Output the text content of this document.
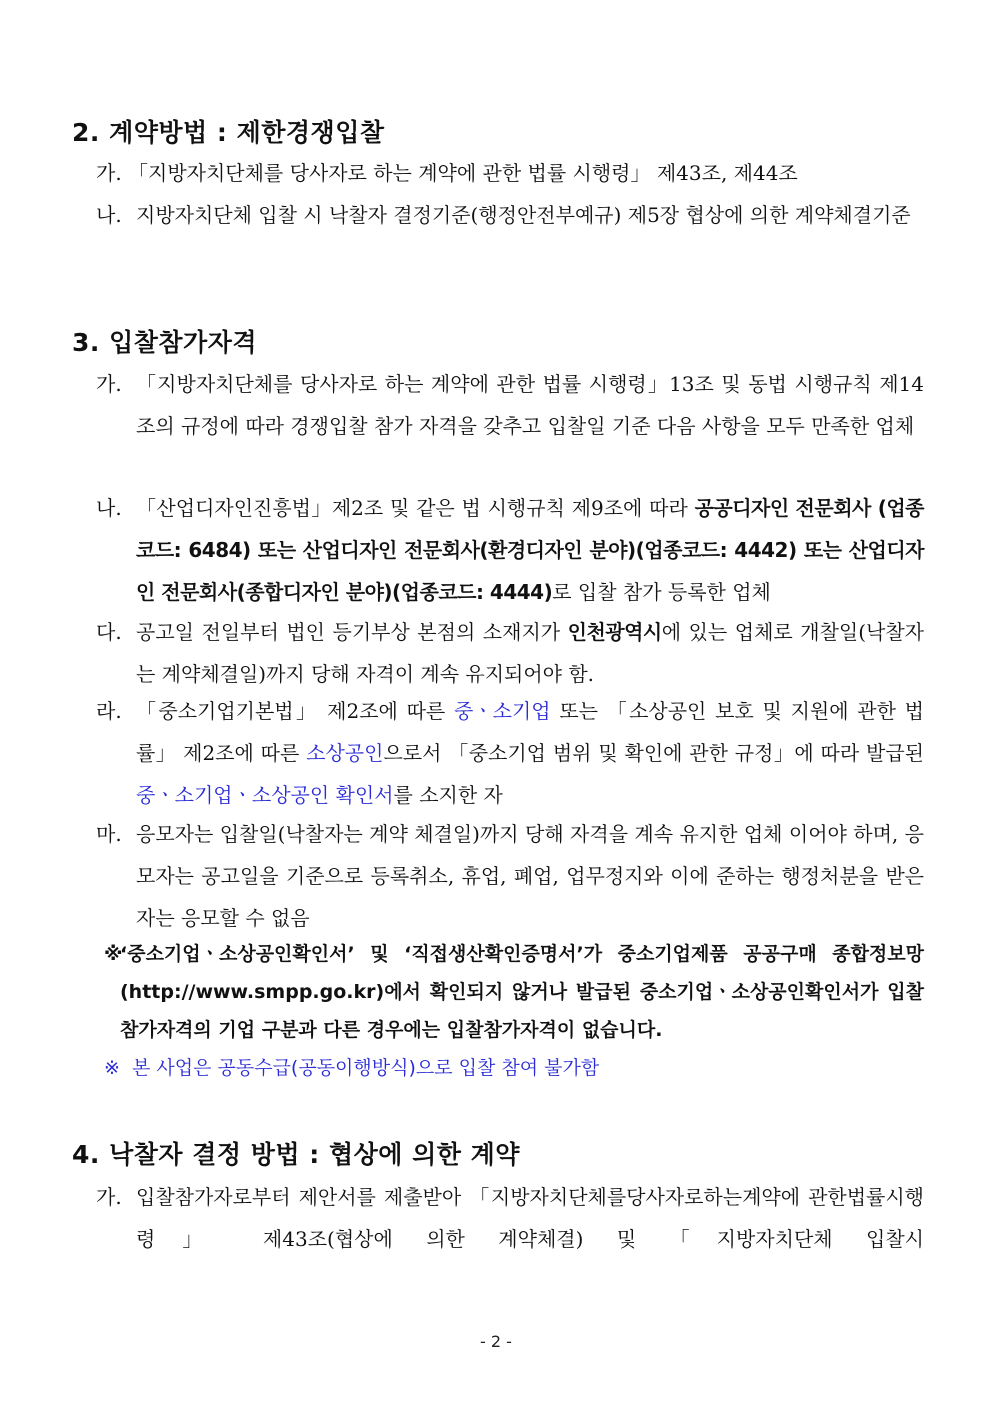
2. 계약방법 : 제한경쟁입찰
가. 「지방자치단체를 당사자로 하는 계약에 관한 법률 시행령」 제43조, 제44조
나. 지방자치단체 입찰 시 낙찰자 결정기준(행정안전부예규) 제5장 협상에 의한 계약체결기준
3. 입찰참가자격
가. 「지방자치단체를 당사자로 하는 계약에 관한 법률 시행령」13조 및 동법 시행규칙 제14조의 규정에 따라 경쟁입찰 참가 자격을 갖추고 입찰일 기준 다음 사항을 모두 만족한 업체
나. 「산업디자인진흥법」제2조 및 같은 법 시행규칙 제9조에 따라 공공디자인 전문회사 (업종코드: 6484) 또는 산업디자인 전문회사(환경디자인 분야)(업종코드: 4442) 또는 산업디자인 전문회사(종합디자인 분야)(업종코드: 4444)로 입찰 참가 등록한 업체
다. 공고일 전일부터 법인 등기부상 본점의 소재지가 인천광역시에 있는 업체로 개찰일(낙찰자는 계약체결일)까지 당해 자격이 계속 유지되어야 함.
라. 「중소기업기본법」 제2조에 따른 중ㆍ소기업 또는 「소상공인 보호 및 지원에 관한 법률」 제2조에 따른 소상공인으로서 「중소기업 범위 및 확인에 관한 규정」에 따라 발급된 중ㆍ소기업ㆍ소상공인 확인서를 소지한 자
마. 응모자는 입찰일(낙찰자는 계약 체결일)까지 당해 자격을 계속 유지한 업체 이어야 하며, 응모자는 공고일을 기준으로 등록취소, 휴업, 폐업, 업무정지와 이에 준하는 행정처분을 받은 자는 응모할 수 없음
※
‘중소기업ㆍ소상공인확인서’ 및 ‘직접생산확인증명서’가 중소기업제품 공공구매 종합정보망(http://www.smpp.go.kr)에서 확인되지 않거나 발급된 중소기업ㆍ소상공인확인서가 입찰참가자격의 기업 구분과 다른 경우에는 입찰참가자격이 없습니다.
※ 본 사업은 공동수급(공동이행방식)으로 입찰 참여 불가함
4. 낙찰자 결정 방법 : 협상에 의한 계약
가. 입찰참가자로부터 제안서를 제출받아 「지방자치단체를당사자로하는계약에 관한법률시행령」 제43조(협상에 의한 계약체결) 및 「지방자치단체 입찰시
- 2 -
